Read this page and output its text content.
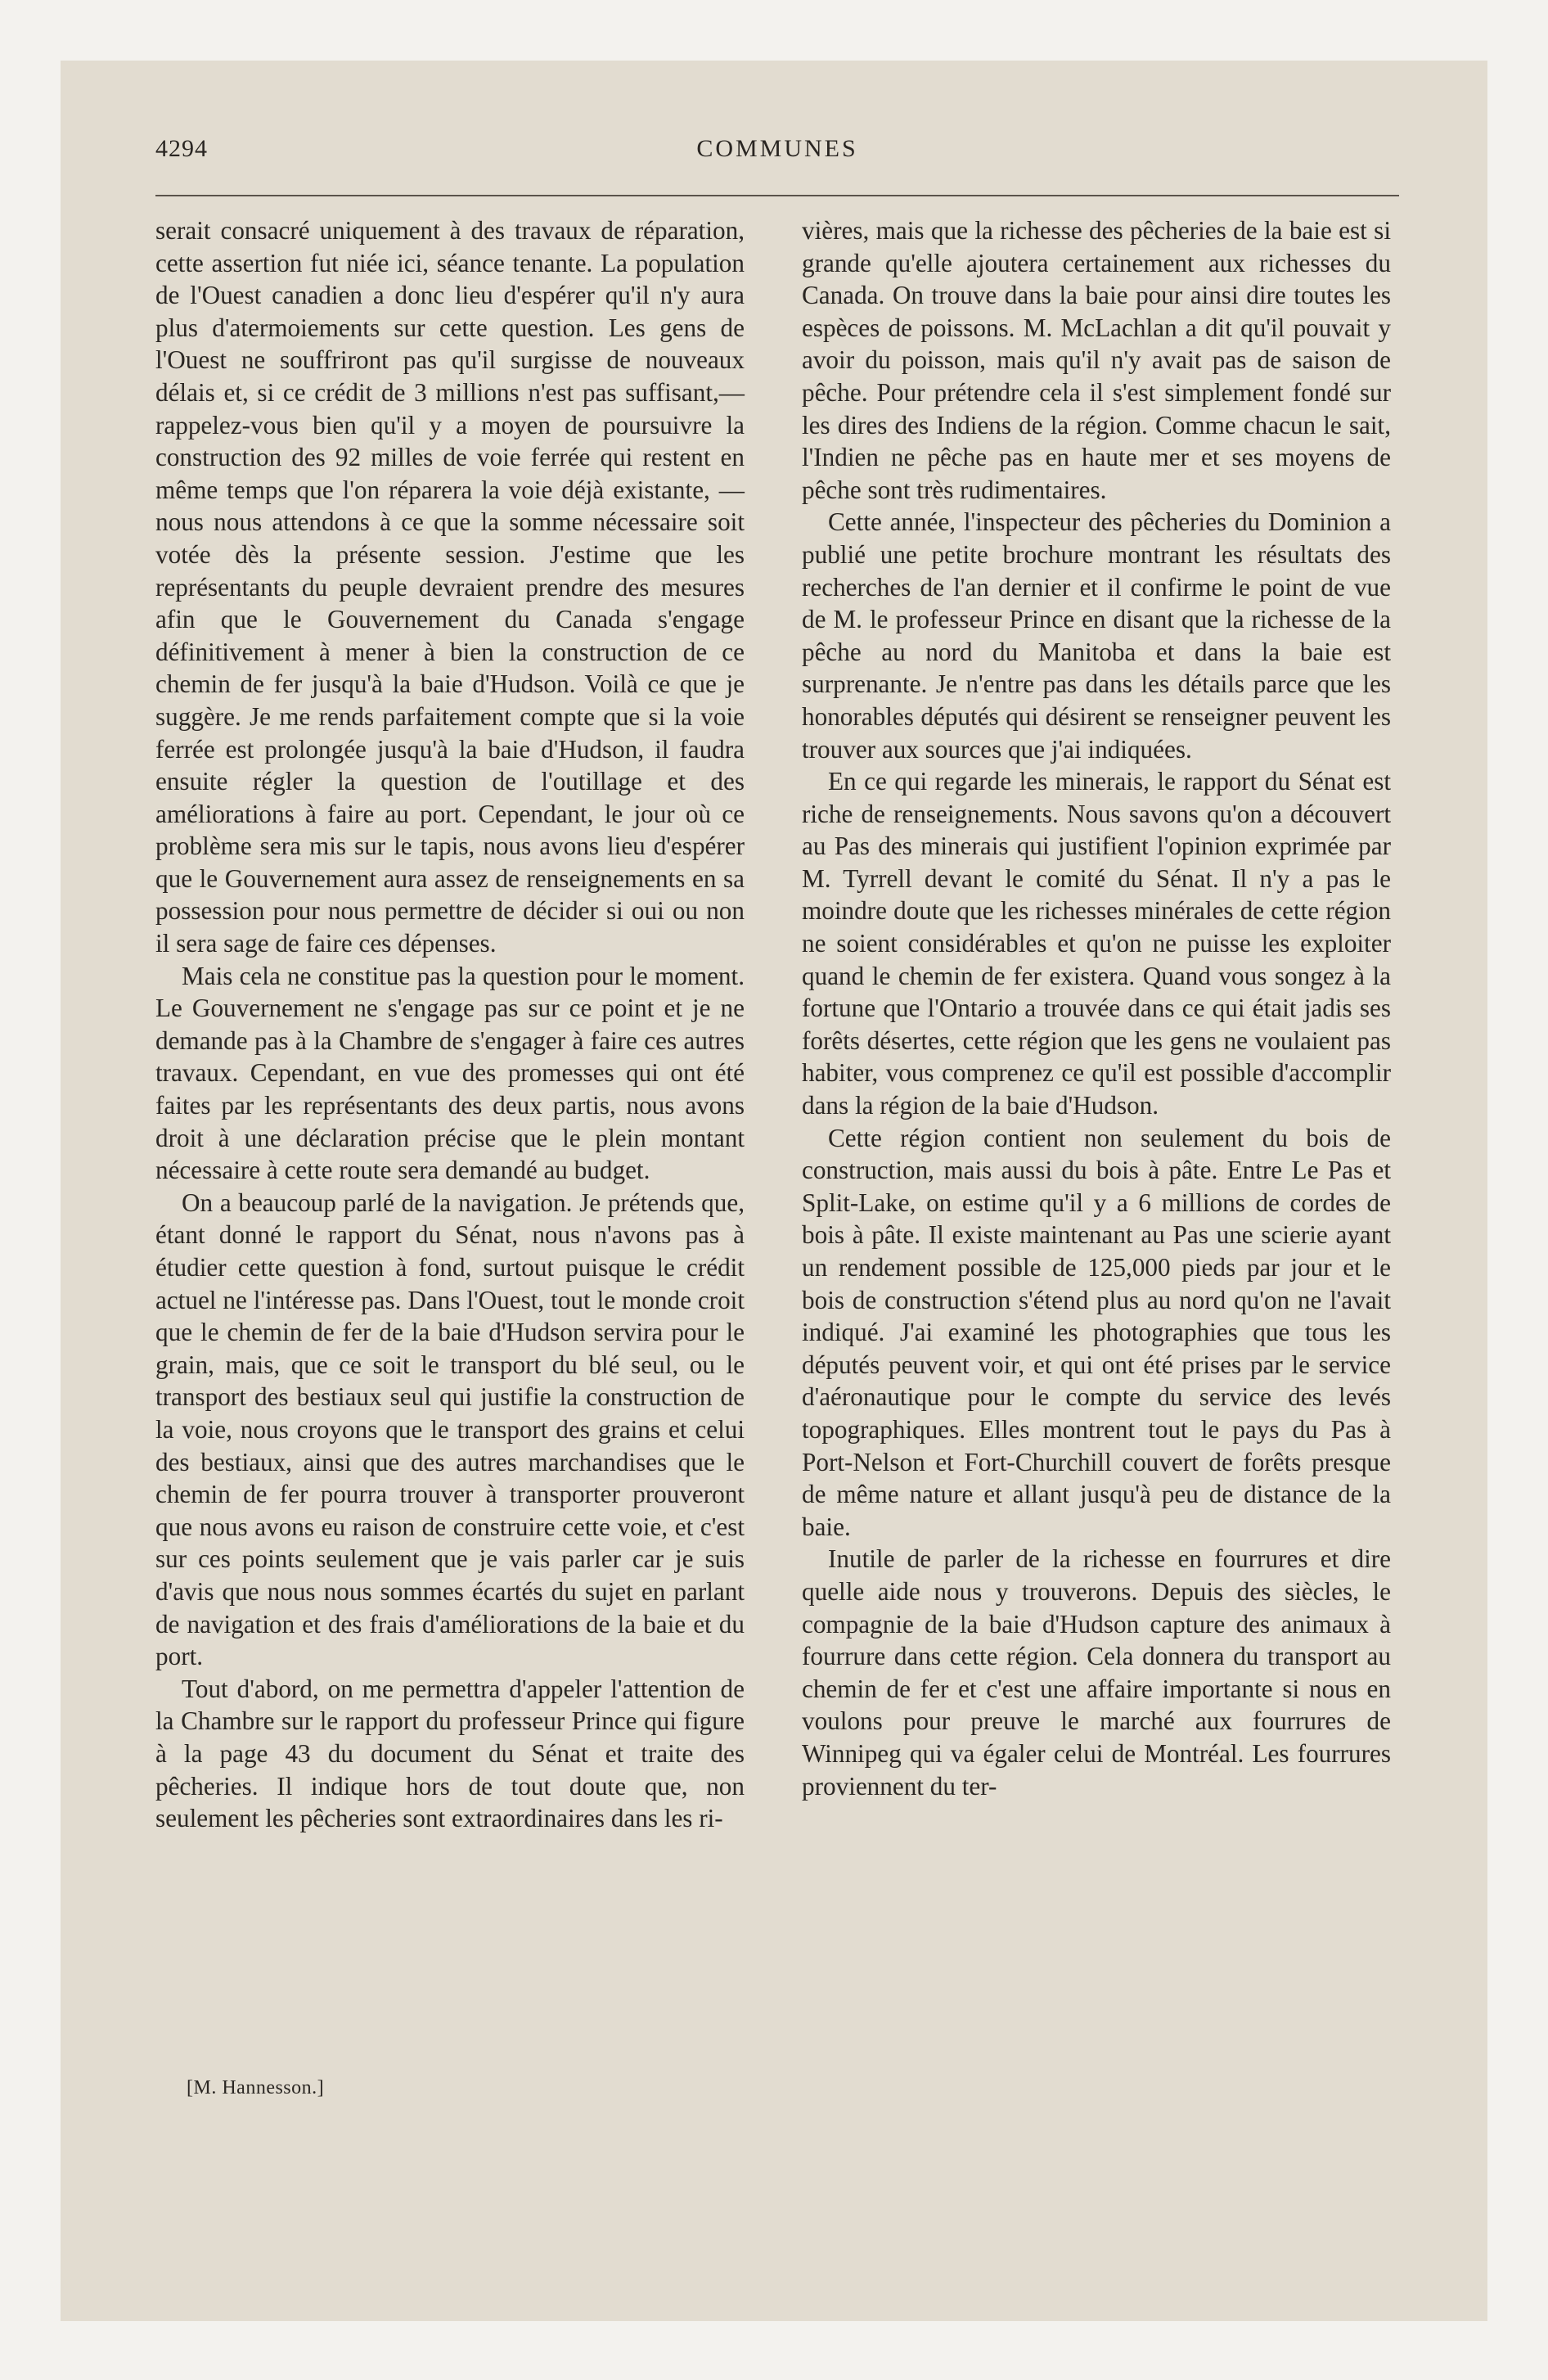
4294	COMMUNES

serait consacré uniquement à des travaux de réparation, cette assertion fut niée ici, séance tenante. La population de l'Ouest canadien a donc lieu d'espérer qu'il n'y aura plus d'atermoiements sur cette question. Les gens de l'Ouest ne souffriront pas qu'il surgisse de nouveaux délais et, si ce crédit de 3 millions n'est pas suffisant,—rappelez-vous bien qu'il y a moyen de poursuivre la construction des 92 milles de voie ferrée qui restent en même temps que l'on réparera la voie déjà existante, —nous nous attendons à ce que la somme nécessaire soit votée dès la présente session. J'estime que les représentants du peuple devraient prendre des mesures afin que le Gouvernement du Canada s'engage définitivement à mener à bien la construction de ce chemin de fer jusqu'à la baie d'Hudson. Voilà ce que je suggère. Je me rends parfaitement compte que si la voie ferrée est prolongée jusqu'à la baie d'Hudson, il faudra ensuite régler la question de l'outillage et des améliorations à faire au port. Cependant, le jour où ce problème sera mis sur le tapis, nous avons lieu d'espérer que le Gouvernement aura assez de renseignements en sa possession pour nous permettre de décider si oui ou non il sera sage de faire ces dépenses.

Mais cela ne constitue pas la question pour le moment. Le Gouvernement ne s'engage pas sur ce point et je ne demande pas à la Chambre de s'engager à faire ces autres travaux. Cependant, en vue des promesses qui ont été faites par les représentants des deux partis, nous avons droit à une déclaration précise que le plein montant nécessaire à cette route sera demandé au budget.

On a beaucoup parlé de la navigation. Je prétends que, étant donné le rapport du Sénat, nous n'avons pas à étudier cette question à fond, surtout puisque le crédit actuel ne l'intéresse pas. Dans l'Ouest, tout le monde croit que le chemin de fer de la baie d'Hudson servira pour le grain, mais, que ce soit le transport du blé seul, ou le transport des bestiaux seul qui justifie la construction de la voie, nous croyons que le transport des grains et celui des bestiaux, ainsi que des autres marchandises que le chemin de fer pourra trouver à transporter prouveront que nous avons eu raison de construire cette voie, et c'est sur ces points seulement que je vais parler car je suis d'avis que nous nous sommes écartés du sujet en parlant de navigation et des frais d'améliorations de la baie et du port.

Tout d'abord, on me permettra d'appeler l'attention de la Chambre sur le rapport du professeur Prince qui figure à la page 43 du document du Sénat et traite des pêcheries. Il indique hors de tout doute que, non seulement les pêcheries sont extraordinaires dans les ri-

vières, mais que la richesse des pêcheries de la baie est si grande qu'elle ajoutera certainement aux richesses du Canada. On trouve dans la baie pour ainsi dire toutes les espèces de poissons. M. McLachlan a dit qu'il pouvait y avoir du poisson, mais qu'il n'y avait pas de saison de pêche. Pour prétendre cela il s'est simplement fondé sur les dires des Indiens de la région. Comme chacun le sait, l'Indien ne pêche pas en haute mer et ses moyens de pêche sont très rudimentaires.

Cette année, l'inspecteur des pêcheries du Dominion a publié une petite brochure montrant les résultats des recherches de l'an dernier et il confirme le point de vue de M. le professeur Prince en disant que la richesse de la pêche au nord du Manitoba et dans la baie est surprenante. Je n'entre pas dans les détails parce que les honorables députés qui désirent se renseigner peuvent les trouver aux sources que j'ai indiquées.

En ce qui regarde les minerais, le rapport du Sénat est riche de renseignements. Nous savons qu'on a découvert au Pas des minerais qui justifient l'opinion exprimée par M. Tyrrell devant le comité du Sénat. Il n'y a pas le moindre doute que les richesses minérales de cette région ne soient considérables et qu'on ne puisse les exploiter quand le chemin de fer existera. Quand vous songez à la fortune que l'Ontario a trouvée dans ce qui était jadis ses forêts désertes, cette région que les gens ne voulaient pas habiter, vous comprenez ce qu'il est possible d'accomplir dans la région de la baie d'Hudson.

Cette région contient non seulement du bois de construction, mais aussi du bois à pâte. Entre Le Pas et Split-Lake, on estime qu'il y a 6 millions de cordes de bois à pâte. Il existe maintenant au Pas une scierie ayant un rendement possible de 125,000 pieds par jour et le bois de construction s'étend plus au nord qu'on ne l'avait indiqué. J'ai examiné les photographies que tous les députés peuvent voir, et qui ont été prises par le service d'aéronautique pour le compte du service des levés topographiques. Elles montrent tout le pays du Pas à Port-Nelson et Fort-Churchill couvert de forêts presque de même nature et allant jusqu'à peu de distance de la baie.

Inutile de parler de la richesse en fourrures et dire quelle aide nous y trouverons. Depuis des siècles, le compagnie de la baie d'Hudson capture des animaux à fourrure dans cette région. Cela donnera du transport au chemin de fer et c'est une affaire importante si nous en voulons pour preuve le marché aux fourrures de Winnipeg qui va égaler celui de Montréal. Les fourrures proviennent du ter-

[M. Hannesson.]
